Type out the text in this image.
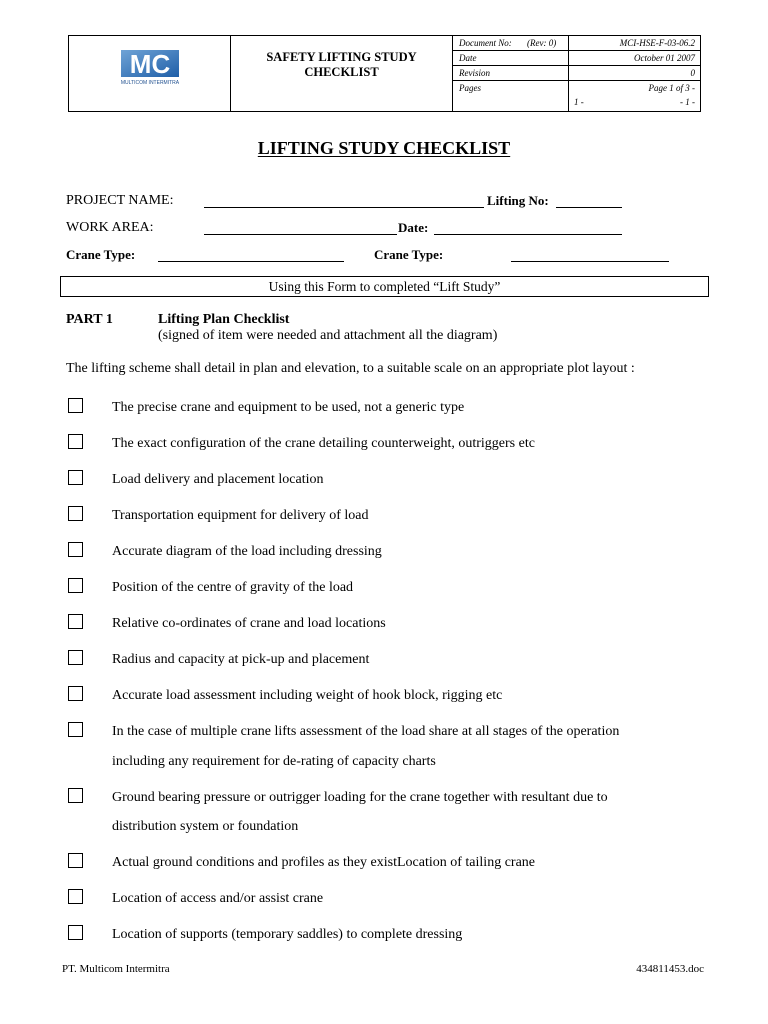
MC
MULTICOM INTERMITRA
SAFETY LIFTING STUDY
CHECKLIST
Document No: (Rev: 0)	MCI-HSE-F-03-06.2
Date	October 01 2007
Revision	0
Pages	Page 1 of 3 -
1 -	- 1 -
LIFTING STUDY CHECKLIST
PROJECT NAME:	Lifting No:
WORK AREA:	Date:
Crane Type:	Crane Type:
Using this Form to completed “Lift Study”
PART 1	Lifting Plan Checklist
(signed of item were needed and attachment all the diagram)
The lifting scheme shall detail in plan and elevation, to a suitable scale on an appropriate plot layout :
The precise crane and equipment to be used, not a generic type
The exact configuration of the crane detailing counterweight, outriggers etc
Load delivery and placement location
Transportation equipment for delivery of load
Accurate diagram of the load including dressing
Position of the centre of gravity of the load
Relative co-ordinates of crane and load locations
Radius and capacity at pick-up and placement
Accurate load assessment including weight of hook block, rigging etc
In the case of multiple crane lifts assessment of the load share at all stages of the operation
including any requirement for de-rating of capacity charts
Ground bearing pressure or outrigger loading for the crane together with resultant due to
distribution system or foundation
Actual ground conditions and profiles as they existLocation of tailing crane
Location of access and/or assist crane
Location of supports (temporary saddles) to complete dressing
PT. Multicom Intermitra	434811453.doc
